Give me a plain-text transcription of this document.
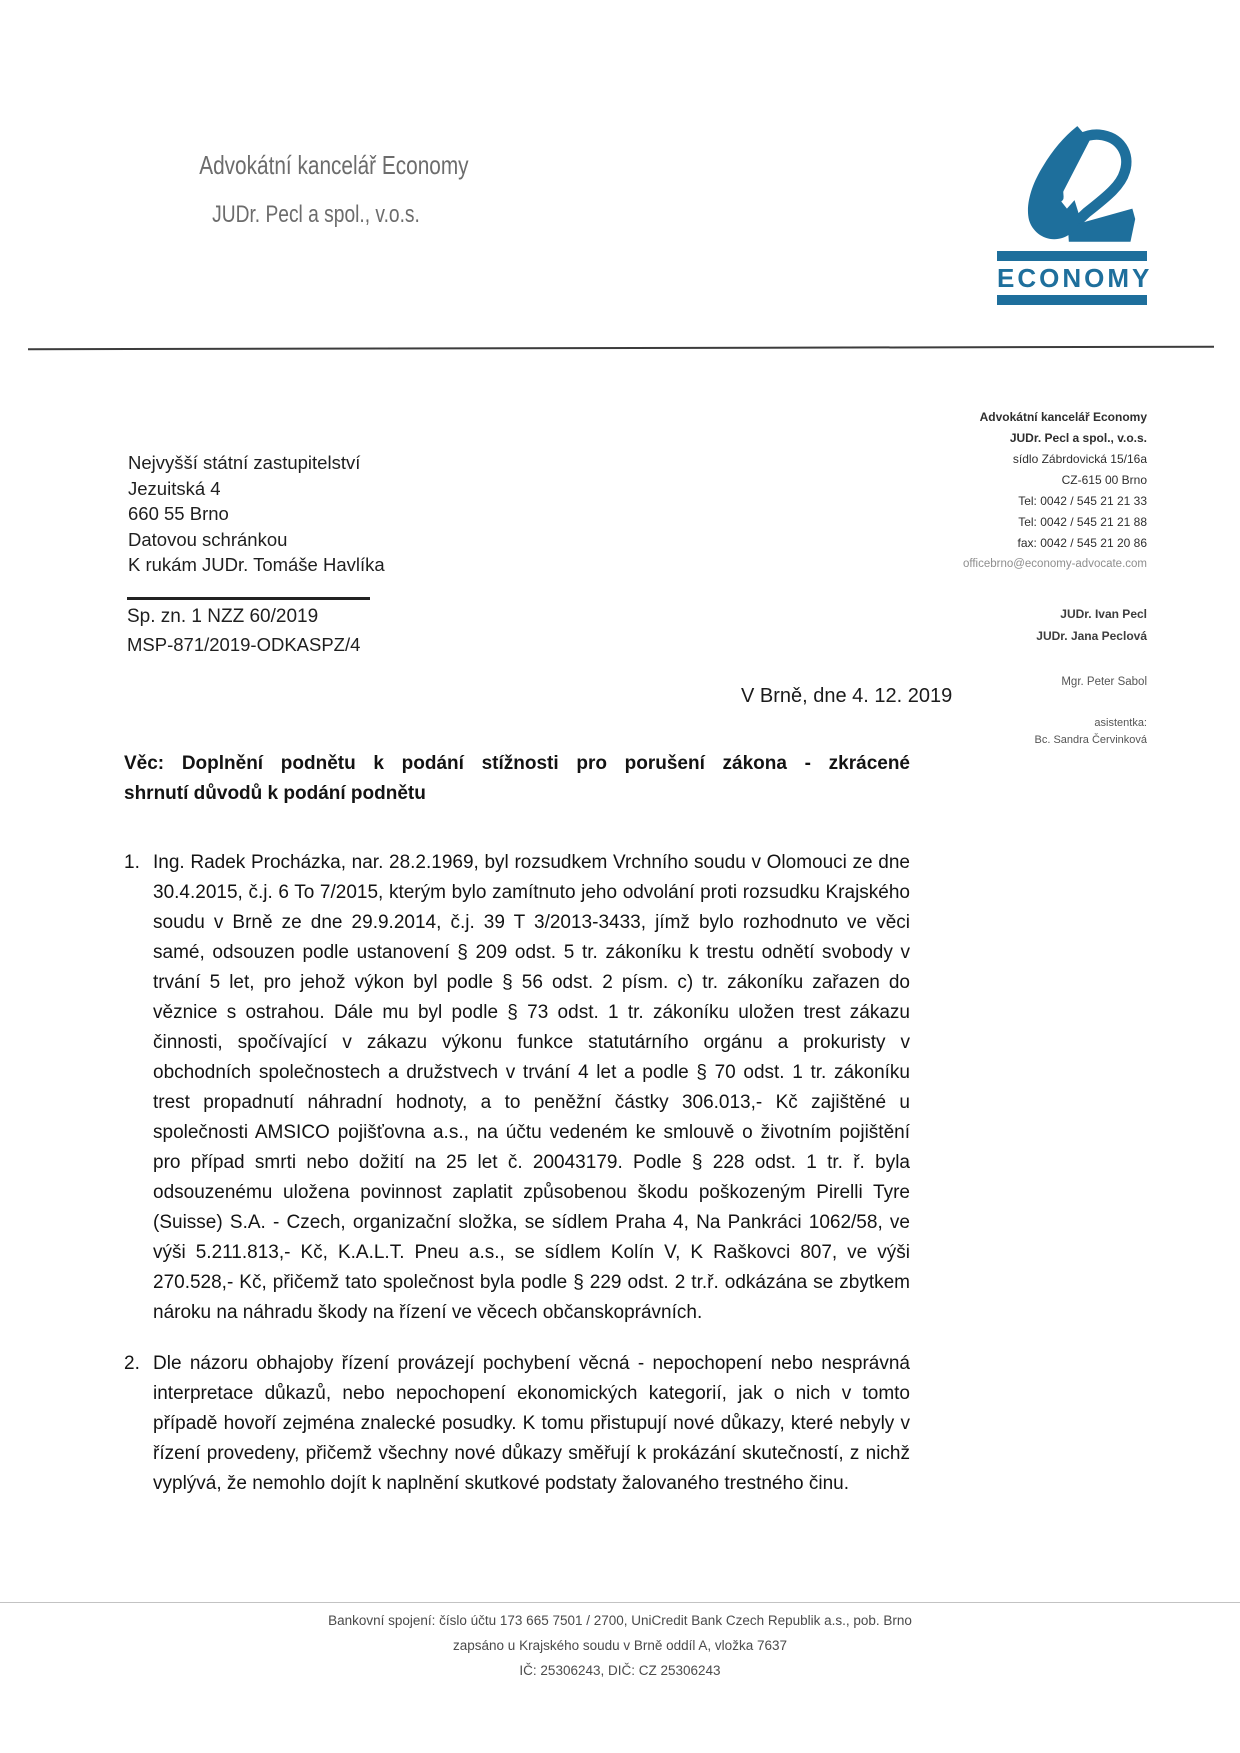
Advokátní kancelář Economy
JUDr. Pecl a spol., v.o.s.
ECONOMY
Advokátní kancelář Economy
JUDr. Pecl a spol., v.o.s.
sídlo Zábrdovická 15/16a
CZ-615 00 Brno
Tel: 0042 / 545 21 21 33
Tel: 0042 / 545 21 21 88
fax: 0042 / 545 21 20 86
officebrno@economy-advocate.com
JUDr. Ivan Pecl
JUDr. Jana Peclová
Mgr. Peter Sabol
asistentka:
Bc. Sandra Červinková
Nejvyšší státní zastupitelství
Jezuitská 4
660 55 Brno
Datovou schránkou
K rukám JUDr. Tomáše Havlíka
Sp. zn. 1 NZZ 60/2019
MSP-871/2019-ODKASPZ/4
V Brně, dne 4. 12. 2019
Věc: Doplnění podnětu k podání stížnosti pro porušení zákona - zkrácené
shrnutí důvodů k podání podnětu
1. Ing. Radek Procházka, nar. 28.2.1969, byl rozsudkem Vrchního soudu v Olomouci ze dne 30.4.2015, č.j. 6 To 7/2015, kterým bylo zamítnuto jeho odvolání proti rozsudku Krajského soudu v Brně ze dne 29.9.2014, č.j. 39 T 3/2013-3433, jímž bylo rozhodnuto ve věci samé, odsouzen podle ustanovení § 209 odst. 5 tr. zákoníku k trestu odnětí svobody v trvání 5 let, pro jehož výkon byl podle § 56 odst. 2 písm. c) tr. zákoníku zařazen do věznice s ostrahou. Dále mu byl podle § 73 odst. 1 tr. zákoníku uložen trest zákazu činnosti, spočívající v zákazu výkonu funkce statutárního orgánu a prokuristy v obchodních společnostech a družstvech v trvání 4 let a podle § 70 odst. 1 tr. zákoníku trest propadnutí náhradní hodnoty, a to peněžní částky 306.013,- Kč zajištěné u společnosti AMSICO pojišťovna a.s., na účtu vedeném ke smlouvě o životním pojištění pro případ smrti nebo dožití na 25 let č. 20043179. Podle § 228 odst. 1 tr. ř. byla odsouzenému uložena povinnost zaplatit způsobenou škodu poškozeným Pirelli Tyre (Suisse) S.A. - Czech, organizační složka, se sídlem Praha 4, Na Pankráci 1062/58, ve výši 5.211.813,- Kč, K.A.L.T. Pneu a.s., se sídlem Kolín V, K Raškovci 807, ve výši 270.528,- Kč, přičemž tato společnost byla podle § 229 odst. 2 tr.ř. odkázána se zbytkem nároku na náhradu škody na řízení ve věcech občanskoprávních.
2. Dle názoru obhajoby řízení provázejí pochybení věcná - nepochopení nebo nesprávná interpretace důkazů, nebo nepochopení ekonomických kategorií, jak o nich v tomto případě hovoří zejména znalecké posudky. K tomu přistupují nové důkazy, které nebyly v řízení provedeny, přičemž všechny nové důkazy směřují k prokázání skutečností, z nichž vyplývá, že nemohlo dojít k naplnění skutkové podstaty žalovaného trestného činu.
Bankovní spojení: číslo účtu 173 665 7501 / 2700, UniCredit Bank Czech Republik a.s., pob. Brno
zapsáno u Krajského soudu v Brně oddíl A, vložka 7637
IČ: 25306243, DIČ: CZ 25306243
